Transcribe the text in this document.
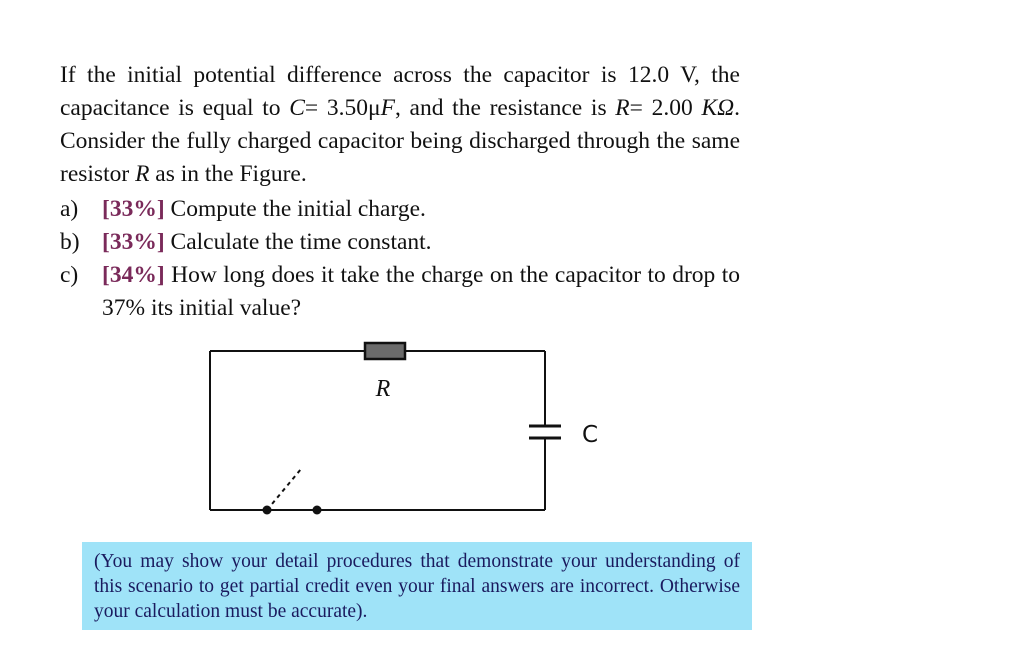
If the initial potential difference across the capacitor is 12.0 V, the capacitance is equal to C= 3.50μF, and the resistance is R= 2.00 KΩ. Consider the fully charged capacitor being discharged through the same resistor R as in the Figure.

a) [33%] Compute the initial charge.
b) [33%] Calculate the time constant.
c) [34%] How long does it take the charge on the capacitor to drop to 37% its initial value?
R
C
(You may show your detail procedures that demonstrate your understanding of this scenario to get partial credit even your final answers are incorrect. Otherwise your calculation must be accurate).
